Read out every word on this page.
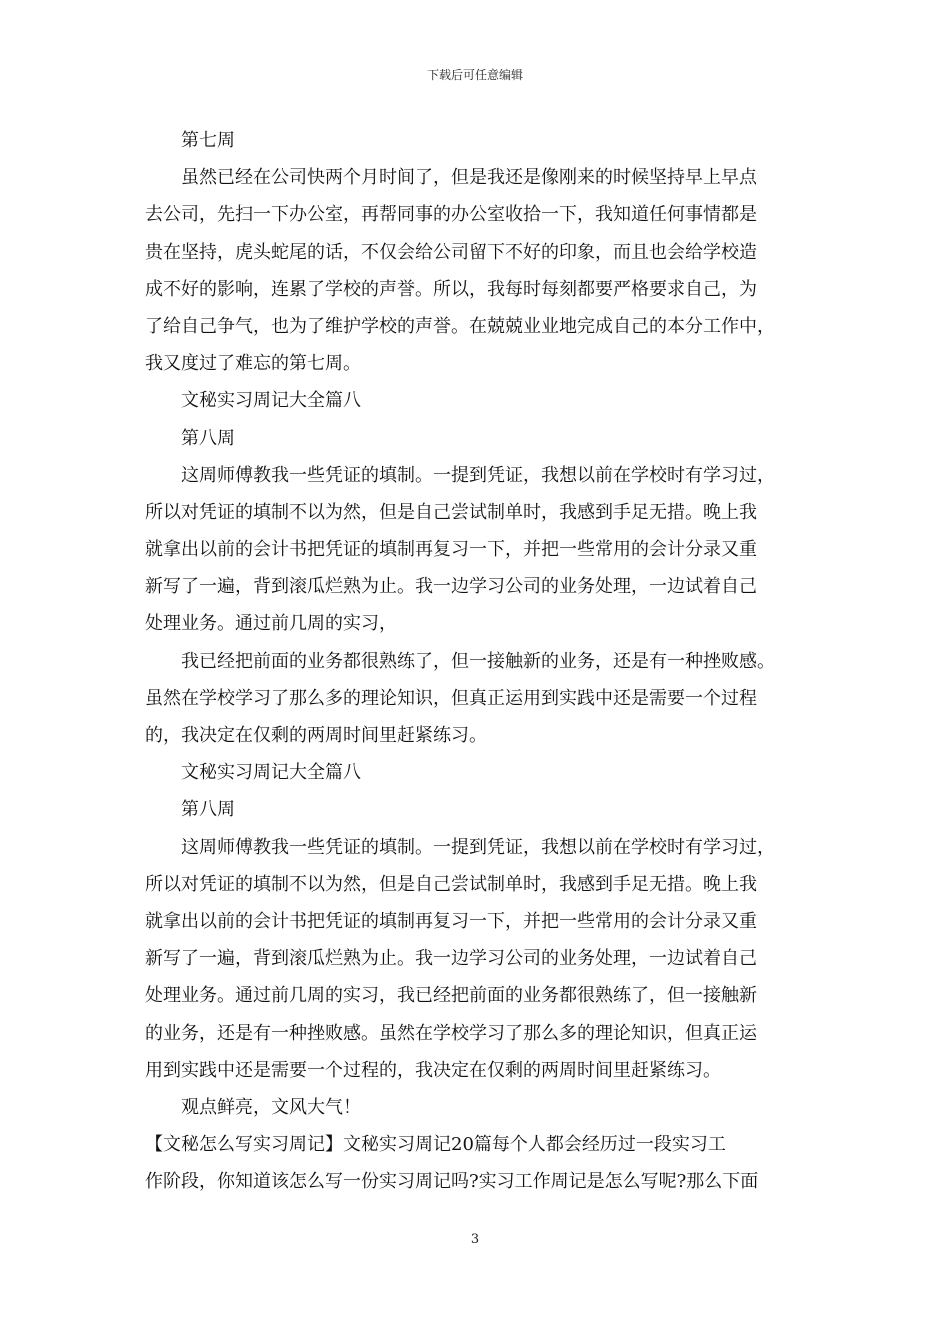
下载后可任意编辑
第七周
虽然已经在公司快两个月时间了，但是我还是像刚来的时候坚持早上早点
去公司，先扫一下办公室，再帮同事的办公室收拾一下，我知道任何事情都是
贵在坚持，虎头蛇尾的话，不仅会给公司留下不好的印象，而且也会给学校造
成不好的影响，连累了学校的声誉。所以，我每时每刻都要严格要求自己，为
了给自己争气，也为了维护学校的声誉。在兢兢业业地完成自己的本分工作中，
我又度过了难忘的第七周。
文秘实习周记大全篇八
第八周
这周师傅教我一些凭证的填制。一提到凭证，我想以前在学校时有学习过，
所以对凭证的填制不以为然，但是自己尝试制单时，我感到手足无措。晚上我
就拿出以前的会计书把凭证的填制再复习一下，并把一些常用的会计分录又重
新写了一遍，背到滚瓜烂熟为止。我一边学习公司的业务处理，一边试着自己
处理业务。通过前几周的实习，
我已经把前面的业务都很熟练了，但一接触新的业务，还是有一种挫败感。
虽然在学校学习了那么多的理论知识，但真正运用到实践中还是需要一个过程
的，我决定在仅剩的两周时间里赶紧练习。
文秘实习周记大全篇八
第八周
这周师傅教我一些凭证的填制。一提到凭证，我想以前在学校时有学习过，
所以对凭证的填制不以为然，但是自己尝试制单时，我感到手足无措。晚上我
就拿出以前的会计书把凭证的填制再复习一下，并把一些常用的会计分录又重
新写了一遍，背到滚瓜烂熟为止。我一边学习公司的业务处理，一边试着自己
处理业务。通过前几周的实习，我已经把前面的业务都很熟练了，但一接触新
的业务，还是有一种挫败感。虽然在学校学习了那么多的理论知识，但真正运
用到实践中还是需要一个过程的，我决定在仅剩的两周时间里赶紧练习。
观点鲜亮，文风大气！
【文秘怎么写实习周记】文秘实习周记20篇每个人都会经历过一段实习工
作阶段，你知道该怎么写一份实习周记吗?实习工作周记是怎么写呢?那么下面
3
